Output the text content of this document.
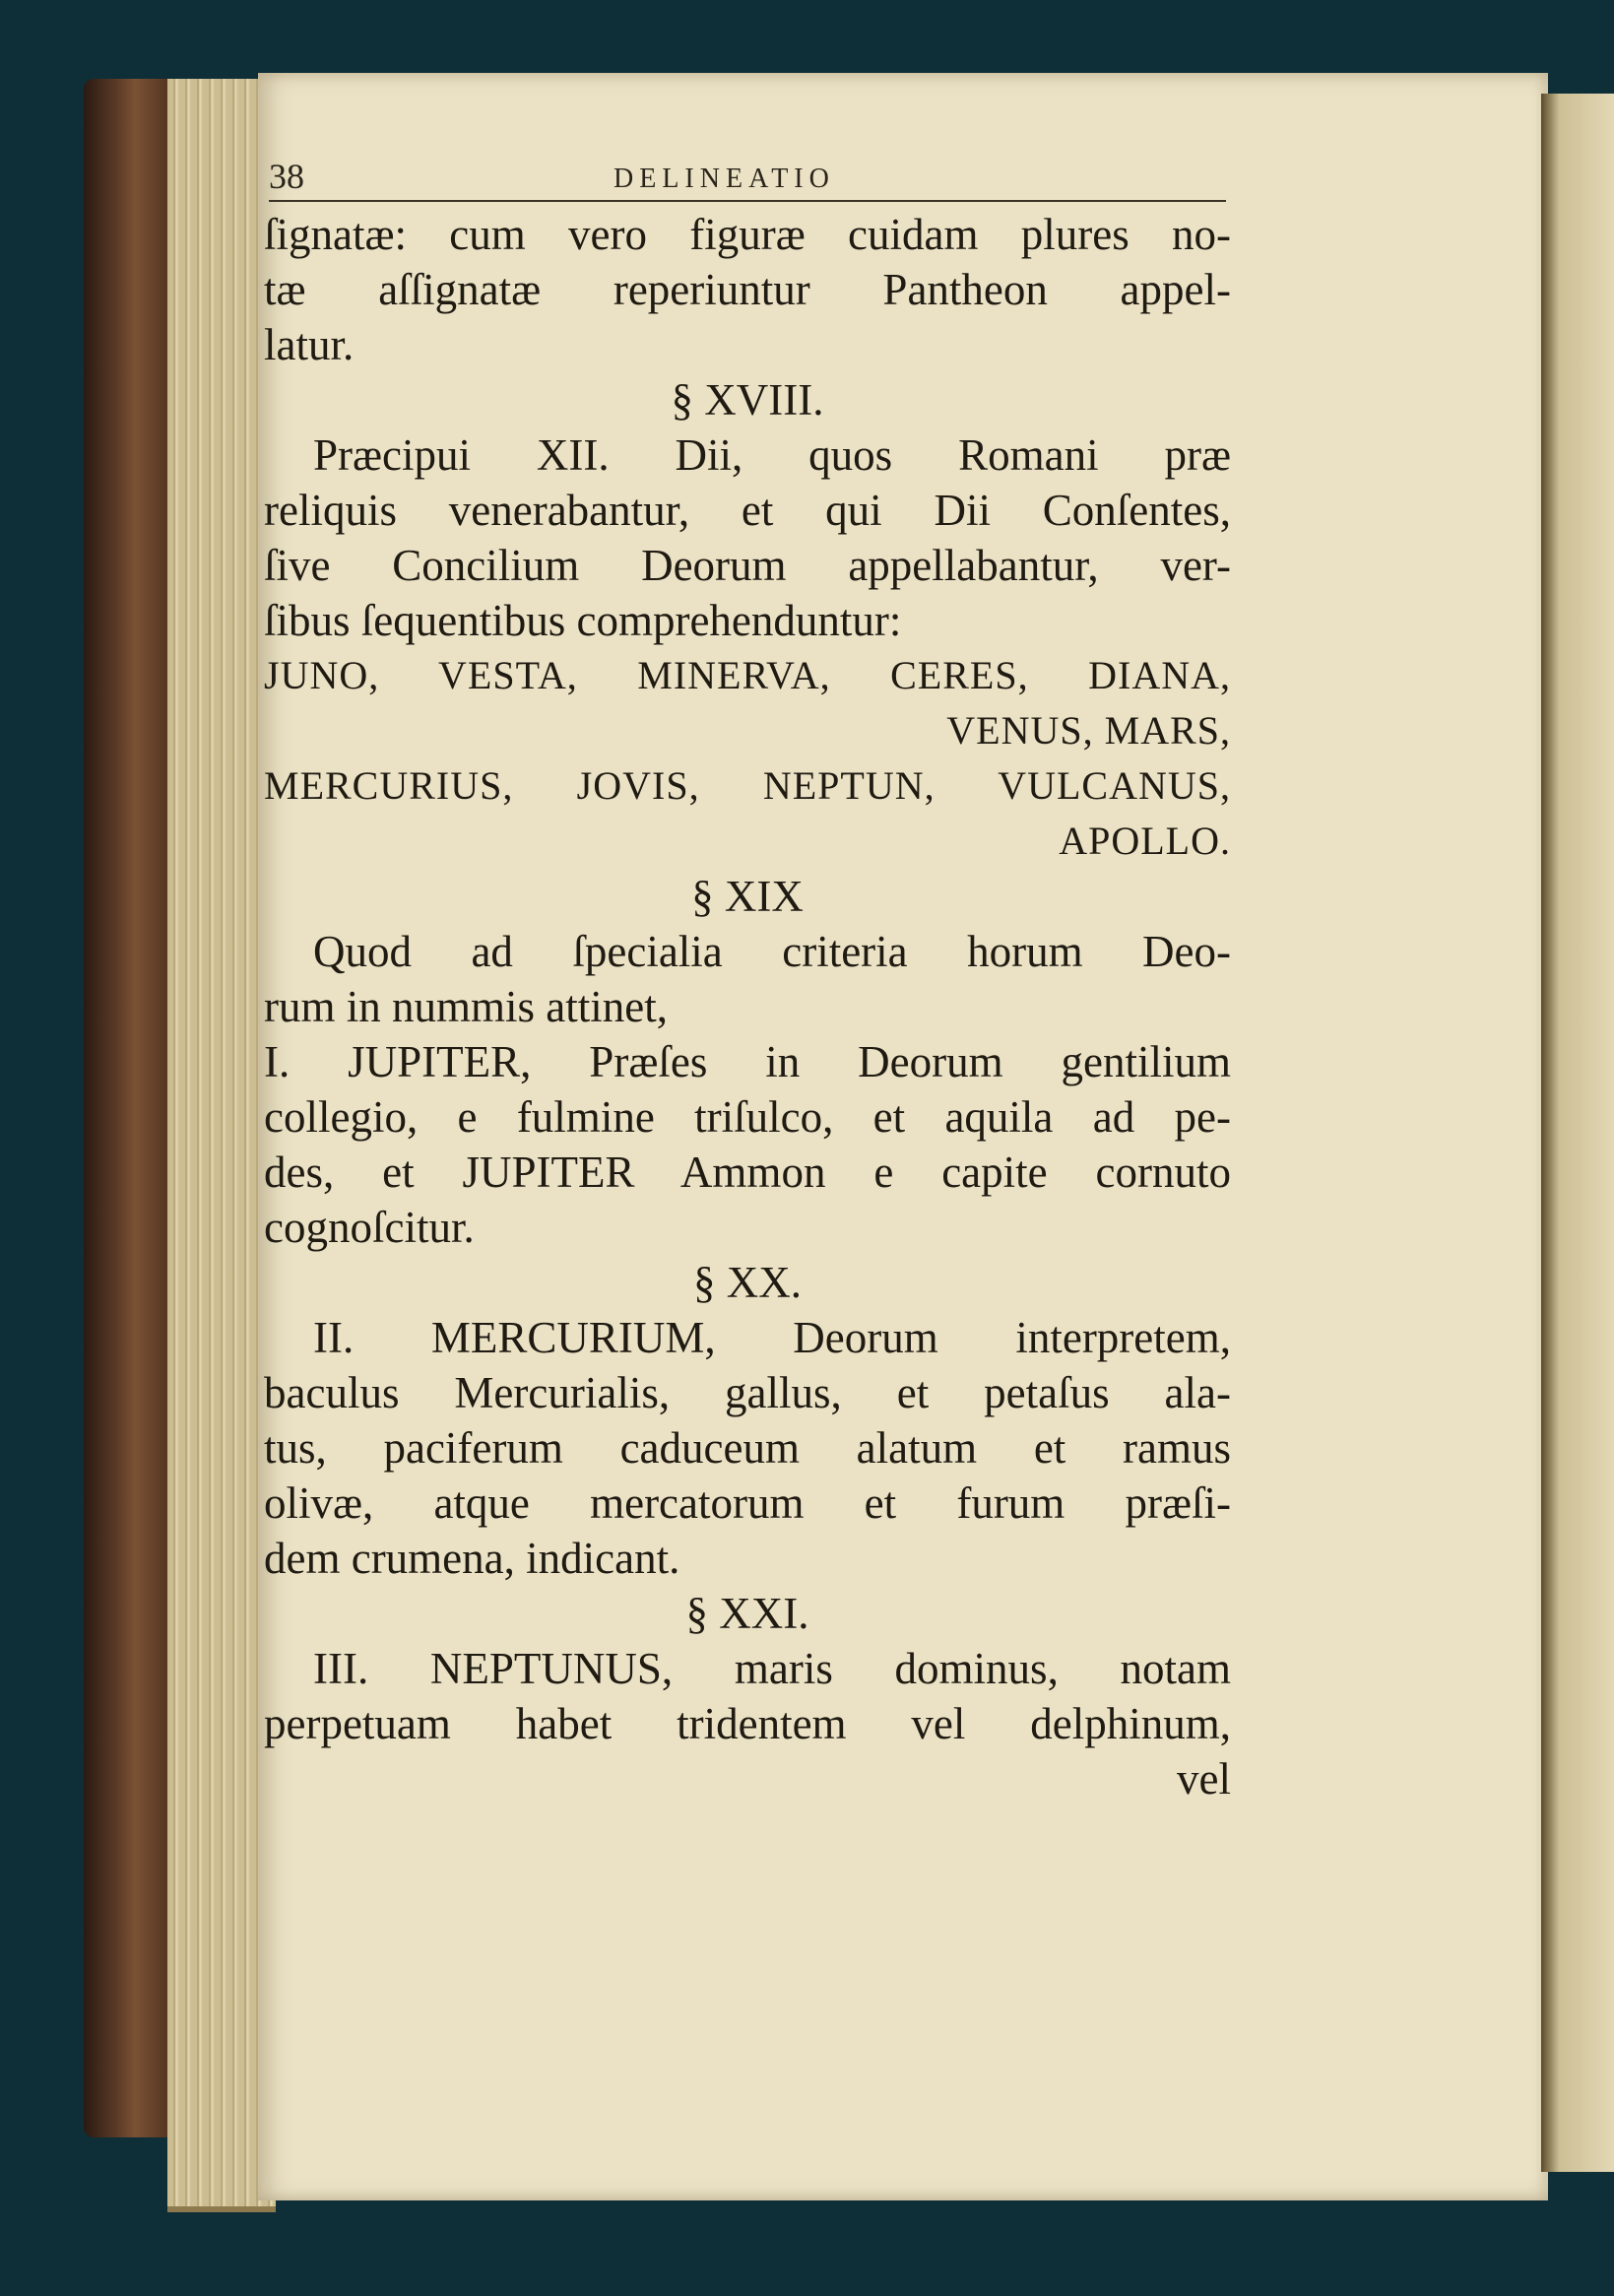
38	DELINEATIO
ſignatæ: cum vero figuræ cuidam plures no-
tæ aſſignatæ reperiuntur Pantheon appel-
latur.
§ XVIII.
Præcipui XII. Dii, quos Romani præ
reliquis venerabantur, et qui Dii Conſentes,
ſive Concilium Deorum appellabantur, ver-
ſibus ſequentibus comprehenduntur:
JUNO, VESTA, MINERVA, CERES, DIANA,
VENUS, MARS,
MERCURIUS, JOVIS, NEPTUN, VULCANUS,
APOLLO.
§ XIX
Quod ad ſpecialia criteria horum Deo-
rum in nummis attinet,
I. JUPITER, Præſes in Deorum gentilium
collegio, e fulmine triſulco, et aquila ad pe-
des, et JUPITER Ammon e capite cornuto
cognoſcitur.
§ XX.
II. MERCURIUM, Deorum interpretem,
baculus Mercurialis, gallus, et petaſus ala-
tus, paciferum caduceum alatum et ramus
olivæ, atque mercatorum et furum præſi-
dem crumena, indicant.
§ XXI.
III. NEPTUNUS, maris dominus, notam
perpetuam habet tridentem vel delphinum,
vel
